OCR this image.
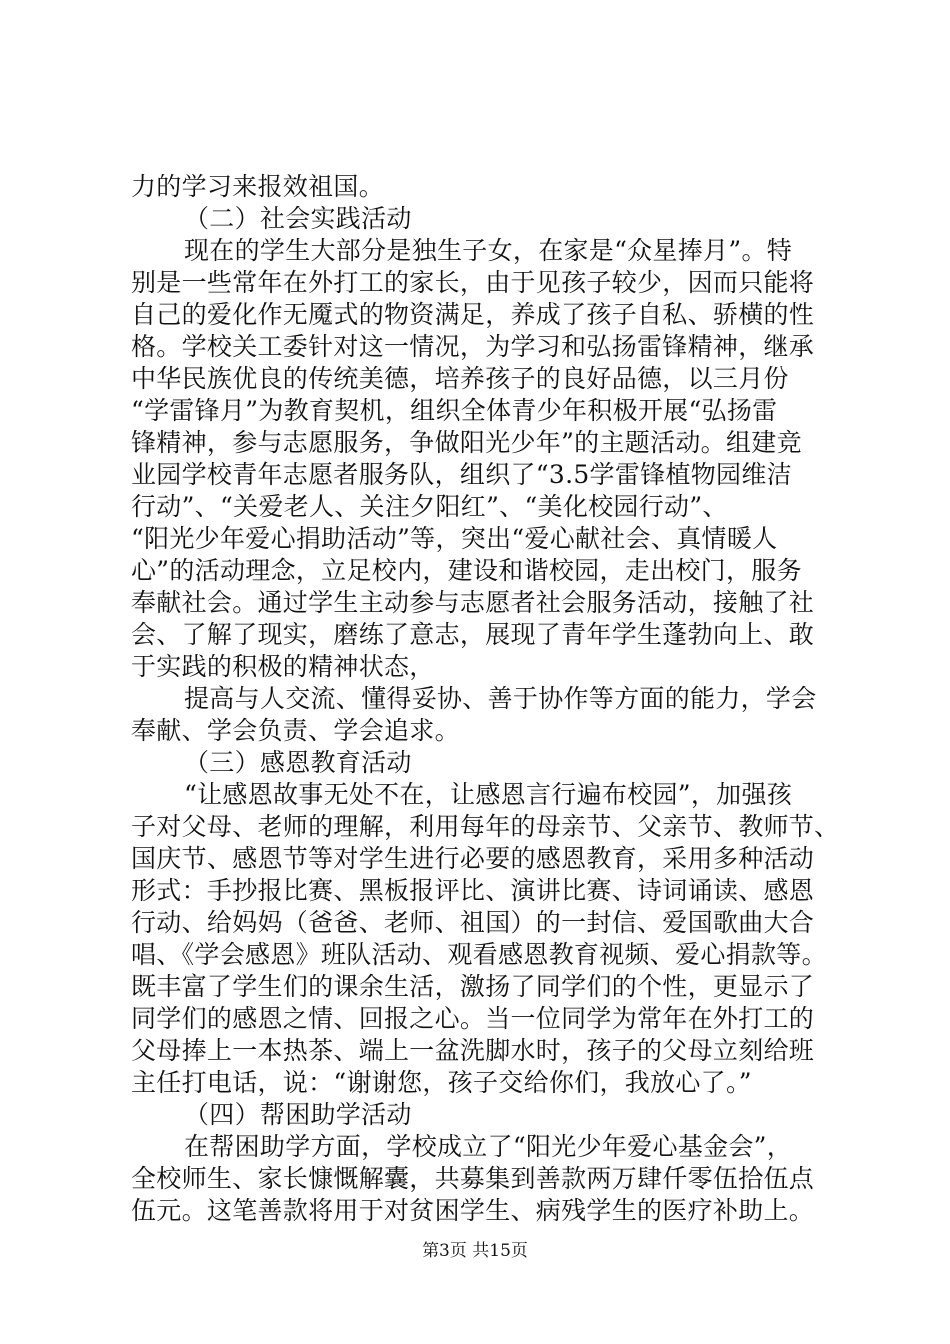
力的学习来报效祖国。
（二）社会实践活动
现在的学生大部分是独生子女，在家是“众星捧月”。特
别是一些常年在外打工的家长，由于见孩子较少，因而只能将
自己的爱化作无魇式的物资满足，养成了孩子自私、骄横的性
格。学校关工委针对这一情况，为学习和弘扬雷锋精神，继承
中华民族优良的传统美德，培养孩子的良好品德，以三月份
“学雷锋月”为教育契机，组织全体青少年积极开展“弘扬雷
锋精神，参与志愿服务，争做阳光少年”的主题活动。组建竞
业园学校青年志愿者服务队，组织了“3.5学雷锋植物园维洁
行动”、“关爱老人、关注夕阳红”、“美化校园行动”、
“阳光少年爱心捐助活动”等，突出“爱心献社会、真情暖人
心”的活动理念，立足校内，建设和谐校园，走出校门，服务
奉献社会。通过学生主动参与志愿者社会服务活动，接触了社
会、了解了现实，磨练了意志，展现了青年学生蓬勃向上、敢
于实践的积极的精神状态，
提高与人交流、懂得妥协、善于协作等方面的能力，学会
奉献、学会负责、学会追求。
（三）感恩教育活动
“让感恩故事无处不在，让感恩言行遍布校园”，加强孩
子对父母、老师的理解，利用每年的母亲节、父亲节、教师节、
国庆节、感恩节等对学生进行必要的感恩教育，采用多种活动
形式：手抄报比赛、黑板报评比、演讲比赛、诗词诵读、感恩
行动、给妈妈（爸爸、老师、祖国）的一封信、爱国歌曲大合
唱、《学会感恩》班队活动、观看感恩教育视频、爱心捐款等。
既丰富了学生们的课余生活，激扬了同学们的个性，更显示了
同学们的感恩之情、回报之心。当一位同学为常年在外打工的
父母捧上一本热茶、端上一盆洗脚水时，孩子的父母立刻给班
主任打电话，说：“谢谢您，孩子交给你们，我放心了。”
（四）帮困助学活动
在帮困助学方面，学校成立了“阳光少年爱心基金会”，
全校师生、家长慷慨解囊，共募集到善款两万肆仟零伍拾伍点
伍元。这笔善款将用于对贫困学生、病残学生的医疗补助上。
第3页 共15页
